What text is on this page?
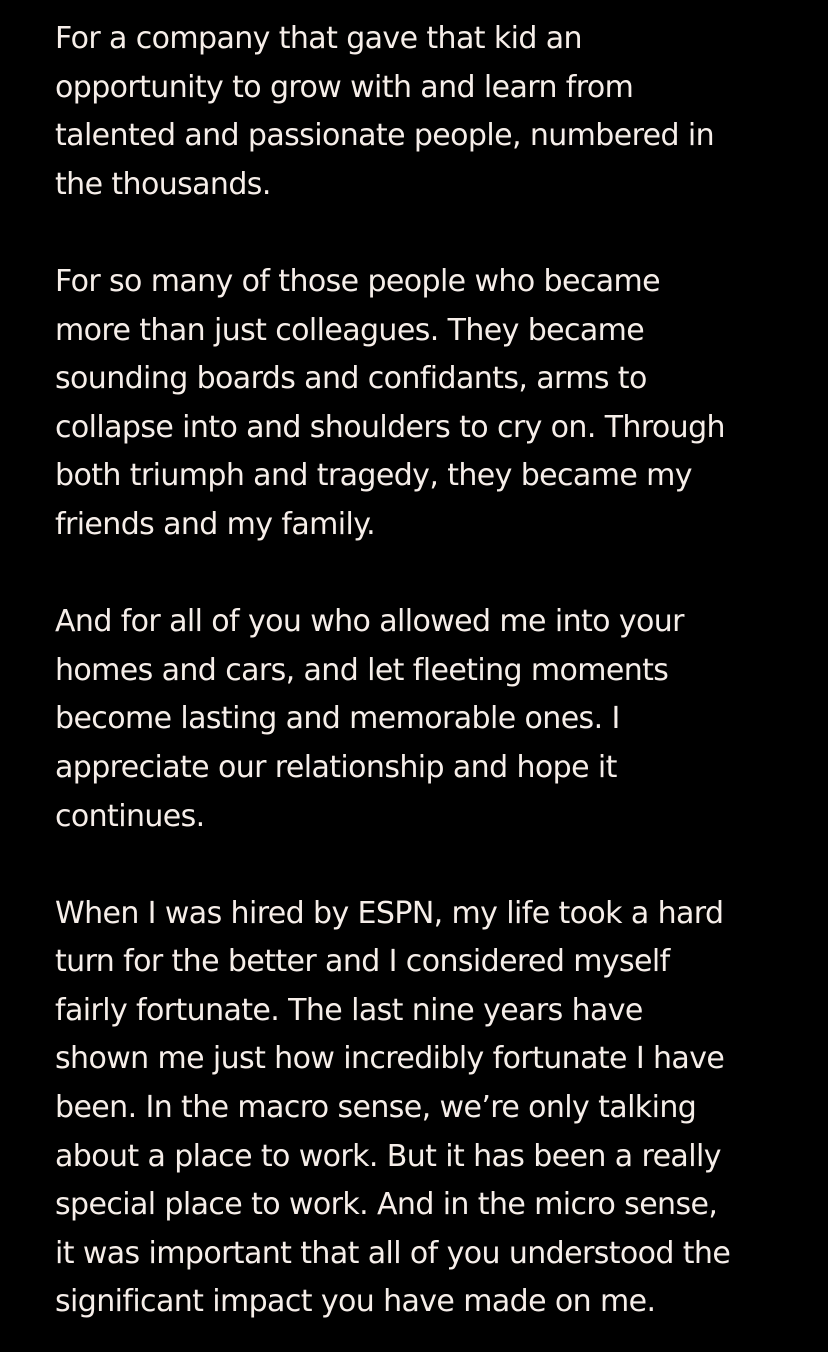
For a company that gave that kid an
opportunity to grow with and learn from
talented and passionate people, numbered in
the thousands.

For so many of those people who became
more than just colleagues. They became
sounding boards and confidants, arms to
collapse into and shoulders to cry on. Through
both triumph and tragedy, they became my
friends and my family.

And for all of you who allowed me into your
homes and cars, and let fleeting moments
become lasting and memorable ones. I
appreciate our relationship and hope it
continues.

When I was hired by ESPN, my life took a hard
turn for the better and I considered myself
fairly fortunate. The last nine years have
shown me just how incredibly fortunate I have
been. In the macro sense, we’re only talking
about a place to work. But it has been a really
special place to work. And in the micro sense,
it was important that all of you understood the
significant impact you have made on me.
